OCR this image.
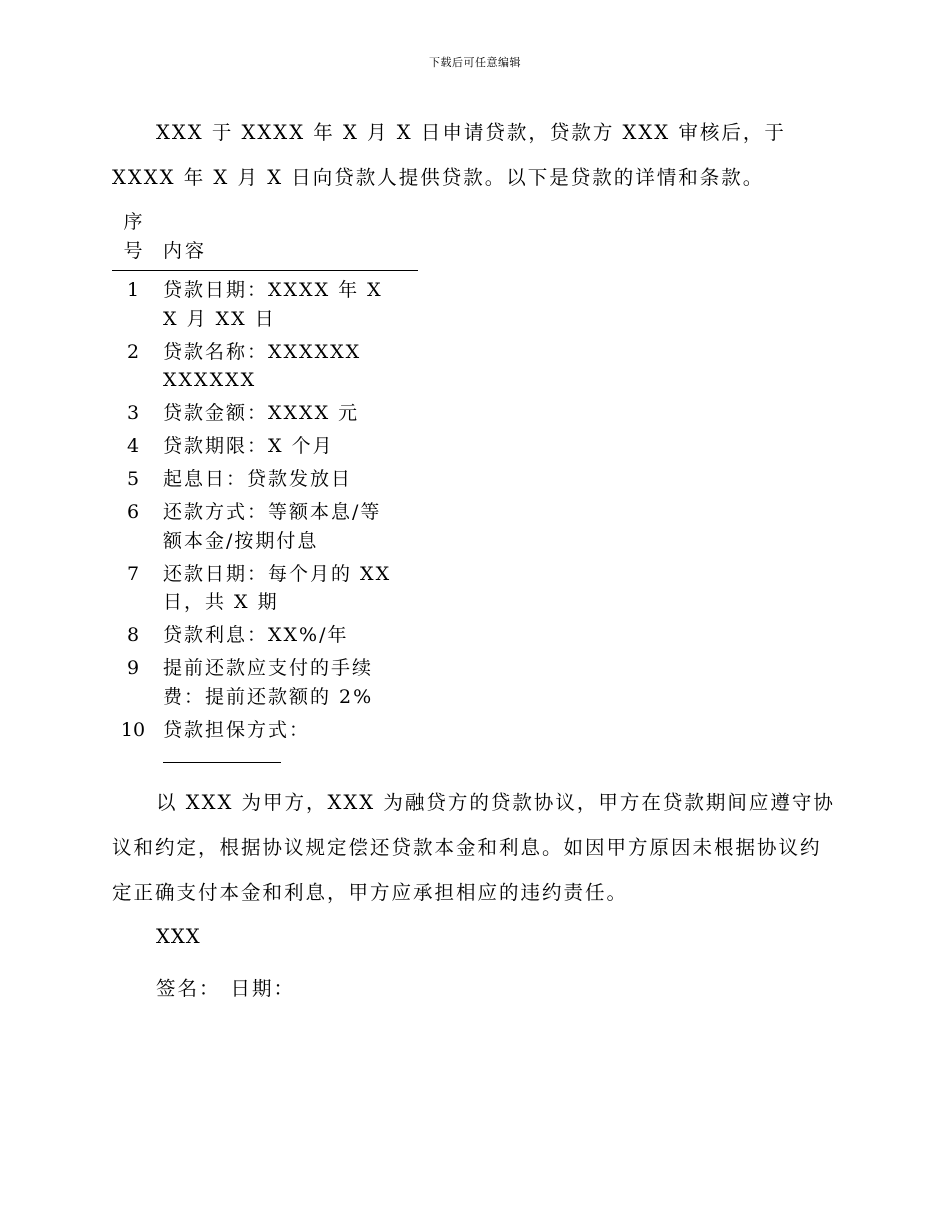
下载后可任意编辑
XXX 于 XXXX 年 X 月 X 日申请贷款，贷款方 XXX 审核后，于 XXXX 年 X 月 X 日向贷款人提供贷款。以下是贷款的详情和条款。
序
号	内容
1	贷款日期：XXXX 年 XX 月 XX 日
2	贷款名称：XXXXXXXXXXXX
3	贷款金额：XXXX 元
4	贷款期限：X 个月
5	起息日：贷款发放日
6	还款方式：等额本息/等额本金/按期付息
7	还款日期：每个月的 XX 日，共 X 期
8	贷款利息：XX%/年
9	提前还款应支付的手续费：提前还款额的 2%
10 贷款担保方式：
以 XXX 为甲方，XXX 为融贷方的贷款协议，甲方在贷款期间应遵守协议和约定，根据协议规定偿还贷款本金和利息。如因甲方原因未根据协议约定正确支付本金和利息，甲方应承担相应的违约责任。
XXX
签名： 日期：
